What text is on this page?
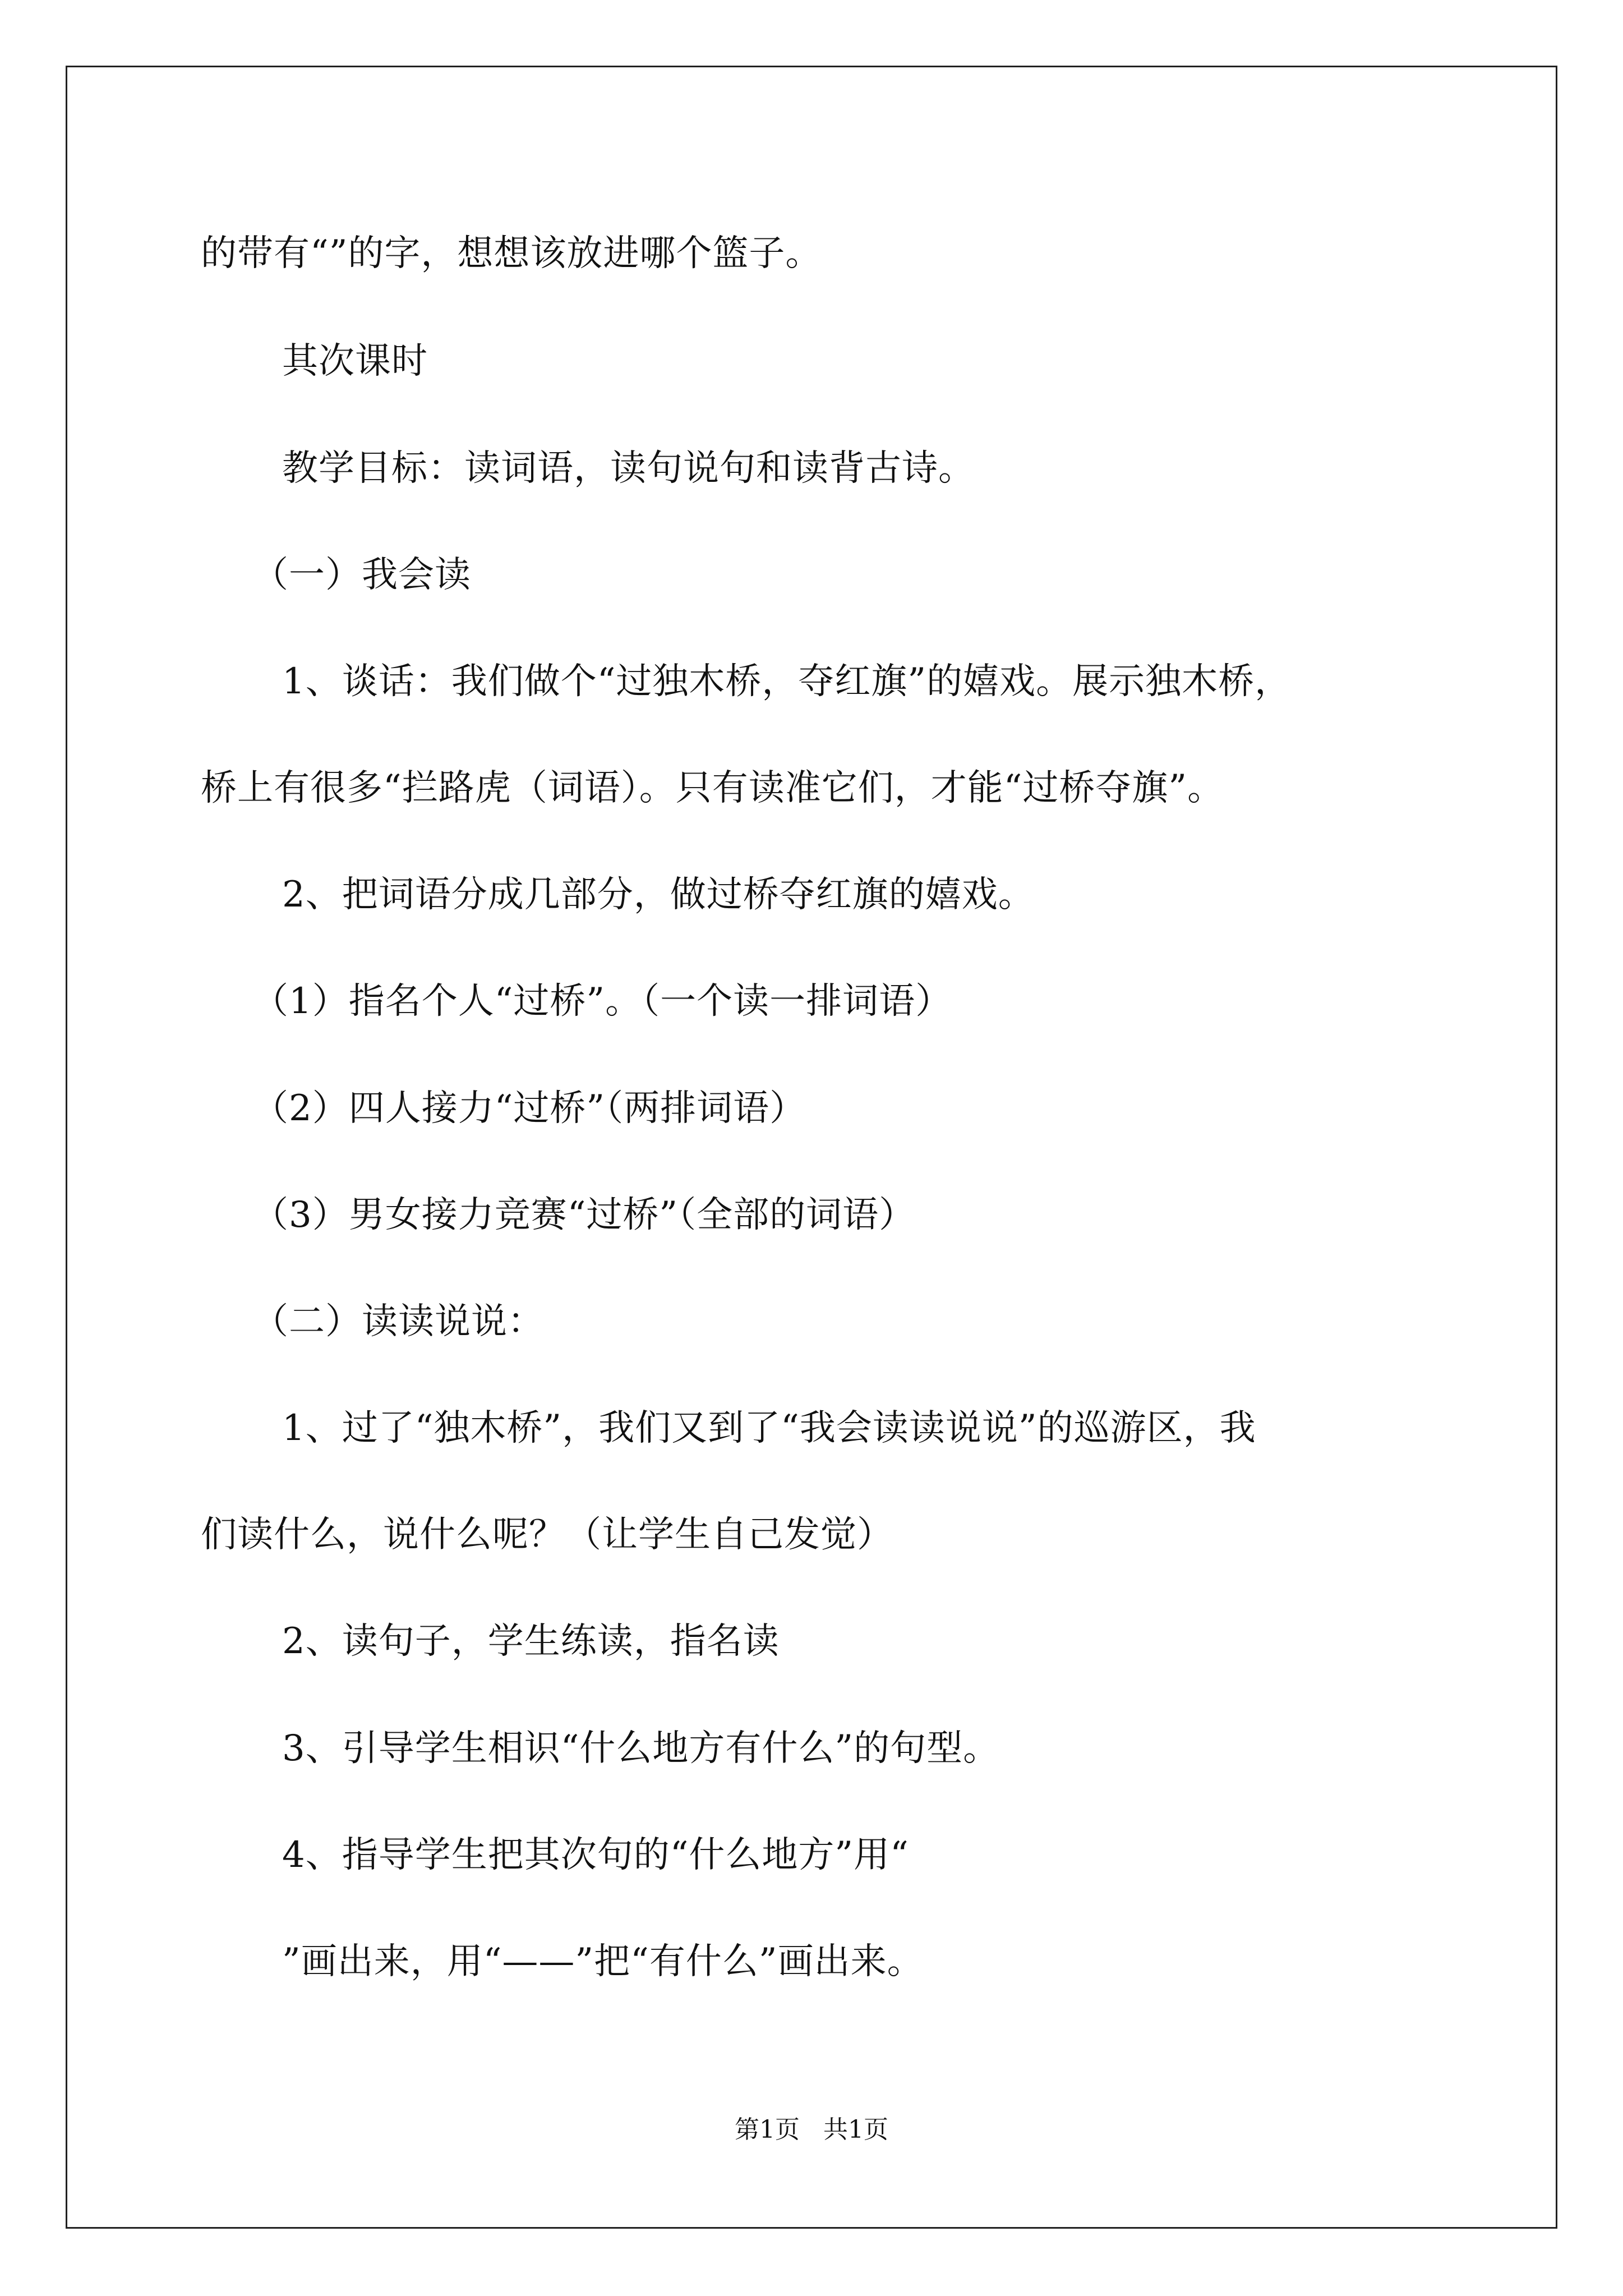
的带有“”的字，想想该放进哪个篮子。
其次课时
教学目标：读词语，读句说句和读背古诗。
（一）我会读
1、谈话：我们做个“过独木桥，夺红旗”的嬉戏。展示独木桥，
桥上有很多“拦路虎（词语）。只有读准它们，才能“过桥夺旗”。
2、把词语分成几部分，做过桥夺红旗的嬉戏。
（1）指名个人“过桥”。（一个读一排词语）
（2）四人接力“过桥”（两排词语）
（3）男女接力竞赛“过桥”（全部的词语）
（二）读读说说：
1、过了“独木桥”，我们又到了“我会读读说说”的巡游区，我
们读什么，说什么呢？（让学生自己发觉）
2、读句子，学生练读，指名读
3、引导学生相识“什么地方有什么”的句型。
4、指导学生把其次句的“什么地方”用“
”画出来，用“——”把“有什么”画出来。
第1页   共1页
